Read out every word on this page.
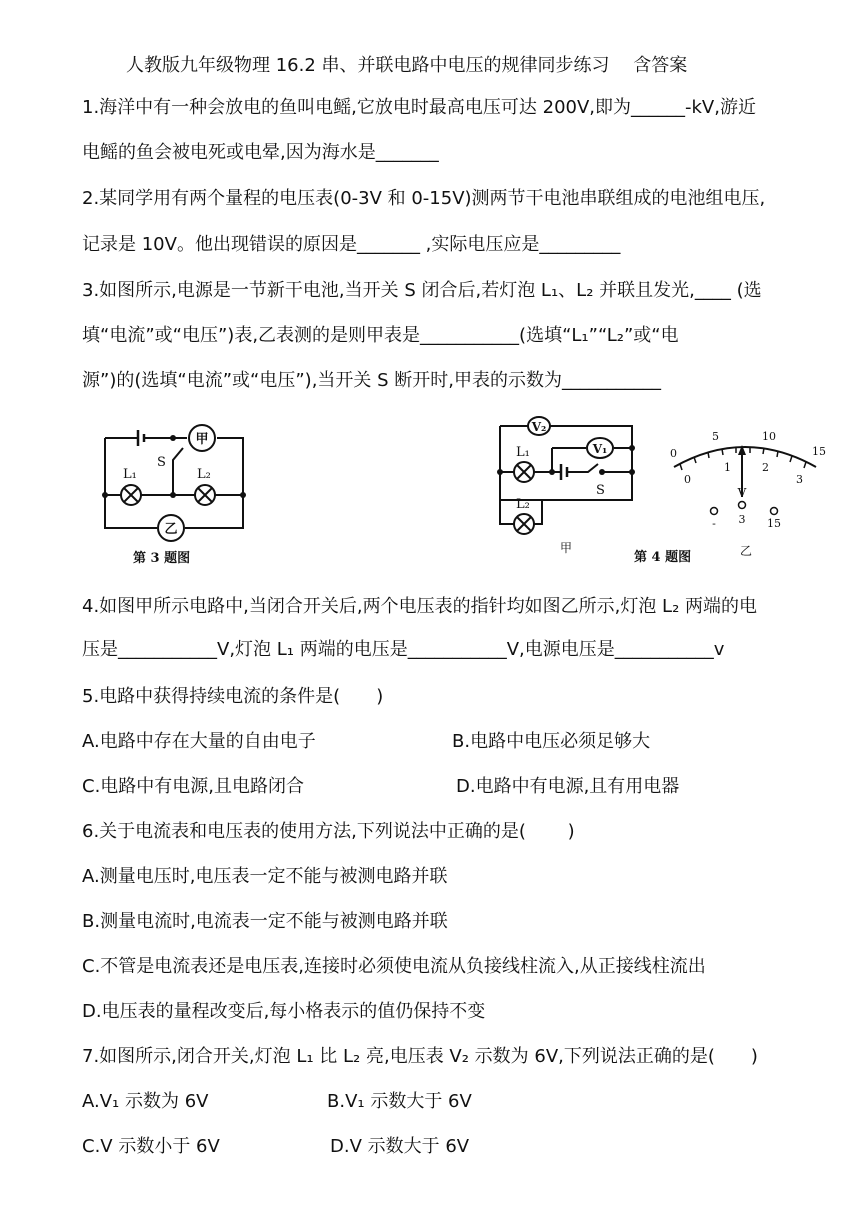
人教版九年级物理 16.2 串、并联电路中电压的规律同步练习　 含答案
1.海洋中有一种会放电的鱼叫电鳐,它放电时最高电压可达 200V,即为______-kV,游近
电鳐的鱼会被电死或电晕,因为海水是_______
2.某同学用有两个量程的电压表(0-3V 和 0-15V)测两节干电池串联组成的电池组电压,
记录是 10V。他出现错误的原因是_______ ,实际电压应是_________
3.如图所示,电源是一节新干电池,当开关 S 闭合后,若灯泡 L₁、L₂ 并联且发光,____ (选
填“电流”或“电压”)表,乙表测的是则甲表是___________(选填“L₁”“L₂”或“电
源”)的(选填“电流”或“电压”),当开关 S 断开时,甲表的示数为___________
甲
乙
S
L₁	L₂
第 3 题图
V₂
V₁
L₁
L₂
S
甲
5	10
15
0
0
1	2
3
V
- 3 15
乙
第 4 题图
4.如图甲所示电路中,当闭合开关后,两个电压表的指针均如图乙所示,灯泡 L₂ 两端的电
压是___________V,灯泡 L₁ 两端的电压是___________V,电源电压是___________v
5.电路中获得持续电流的条件是(　　)
A.电路中存在大量的自由电子	B.电路中电压必须足够大
C.电路中有电源,且电路闭合	D.电路中有电源,且有用电器
6.关于电流表和电压表的使用方法,下列说法中正确的是(　　 )
A.测量电压时,电压表一定不能与被测电路并联
B.测量电流时,电流表一定不能与被测电路并联
C.不管是电流表还是电压表,连接时必须使电流从负接线柱流入,从正接线柱流出
D.电压表的量程改变后,每小格表示的值仍保持不变
7.如图所示,闭合开关,灯泡 L₁ 比 L₂ 亮,电压表 V₂ 示数为 6V,下列说法正确的是(　　)
A.V₁ 示数为 6V	B.V₁ 示数大于 6V
C.V 示数小于 6V	D.V 示数大于 6V
